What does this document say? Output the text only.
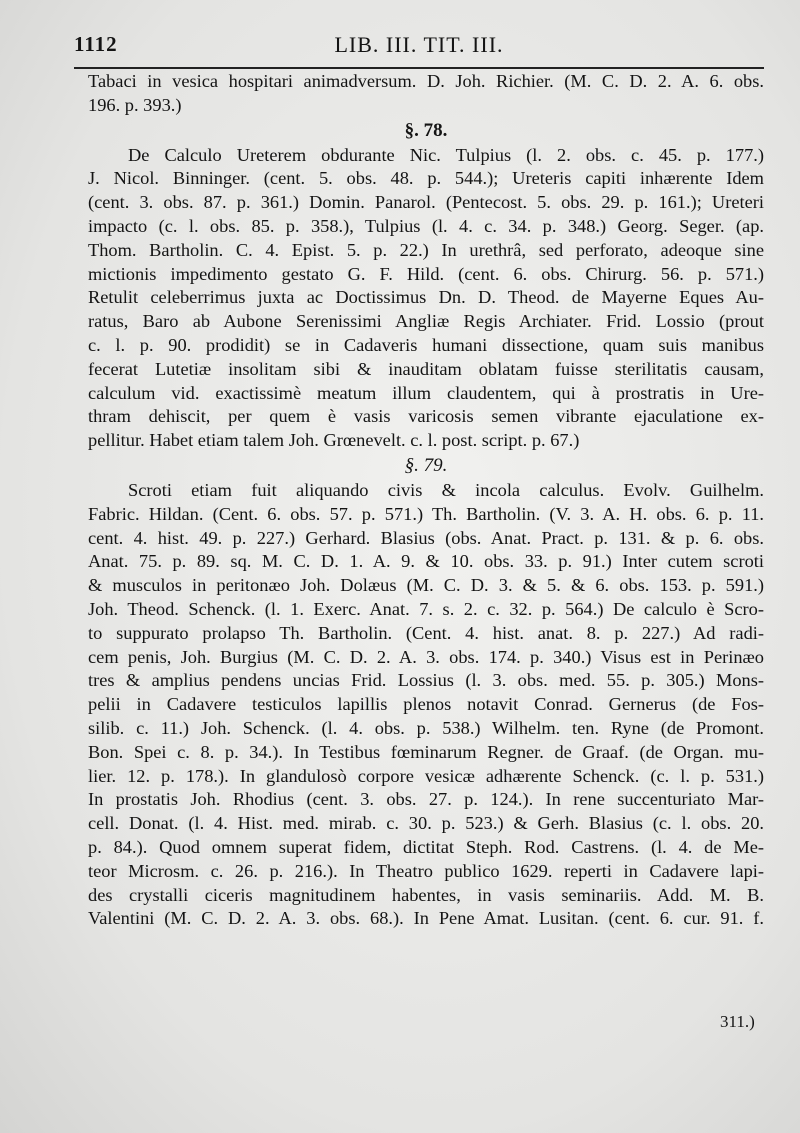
1112	LIB. III. TIT. III.
Tabaci in vesica hospitari animadversum. D. Joh. Richier. (M. C. D. 2. A. 6. obs.
196. p. 393.)
§. 78.
De Calculo Ureterem obdurante Nic. Tulpius (l. 2. obs. c. 45. p. 177.)
J. Nicol. Binninger. (cent. 5. obs. 48. p. 544.); Ureteris capiti inhærente Idem
(cent. 3. obs. 87. p. 361.) Domin. Panarol. (Pentecost. 5. obs. 29. p. 161.); Ureteri
impacto (c. l. obs. 85. p. 358.), Tulpius (l. 4. c. 34. p. 348.) Georg. Seger. (ap.
Thom. Bartholin. C. 4. Epist. 5. p. 22.) In urethrâ, sed perforato, adeoque sine
mictionis impedimento gestato G. F. Hild. (cent. 6. obs. Chirurg. 56. p. 571.)
Retulit celeberrimus juxta ac Doctissimus Dn. D. Theod. de Mayerne Eques Au-
ratus, Baro ab Aubone Serenissimi Angliæ Regis Archiater. Frid. Lossio (prout
c. l. p. 90. prodidit) se in Cadaveris humani dissectione, quam suis manibus
fecerat Lutetiæ insolitam sibi & inauditam oblatam fuisse sterilitatis causam,
calculum vid. exactissimè meatum illum claudentem, qui à prostratis in Ure-
thram dehiscit, per quem è vasis varicosis semen vibrante ejaculatione ex-
pellitur. Habet etiam talem Joh. Grœnevelt. c. l. post. script. p. 67.)
§. 79.
Scroti etiam fuit aliquando civis & incola calculus. Evolv. Guilhelm.
Fabric. Hildan. (Cent. 6. obs. 57. p. 571.) Th. Bartholin. (V. 3. A. H. obs. 6. p. 11.
cent. 4. hist. 49. p. 227.) Gerhard. Blasius (obs. Anat. Pract. p. 131. & p. 6. obs.
Anat. 75. p. 89. sq. M. C. D. 1. A. 9. & 10. obs. 33. p. 91.) Inter cutem scroti
& musculos in peritonæo Joh. Dolæus (M. C. D. 3. & 5. & 6. obs. 153. p. 591.)
Joh. Theod. Schenck. (l. 1. Exerc. Anat. 7. s. 2. c. 32. p. 564.) De calculo è Scro-
to suppurato prolapso Th. Bartholin. (Cent. 4. hist. anat. 8. p. 227.) Ad radi-
cem penis, Joh. Burgius (M. C. D. 2. A. 3. obs. 174. p. 340.) Visus est in Perinæo
tres & amplius pendens uncias Frid. Lossius (l. 3. obs. med. 55. p. 305.) Mons-
pelii in Cadavere testiculos lapillis plenos notavit Conrad. Gernerus (de Fos-
silib. c. 11.) Joh. Schenck. (l. 4. obs. p. 538.) Wilhelm. ten. Ryne (de Promont.
Bon. Spei c. 8. p. 34.). In Testibus fœminarum Regner. de Graaf. (de Organ. mu-
lier. 12. p. 178.). In glandulosò corpore vesicæ adhærente Schenck. (c. l. p. 531.)
In prostatis Joh. Rhodius (cent. 3. obs. 27. p. 124.). In rene succenturiato Mar-
cell. Donat. (l. 4. Hist. med. mirab. c. 30. p. 523.) & Gerh. Blasius (c. l. obs. 20.
p. 84.). Quod omnem superat fidem, dictitat Steph. Rod. Castrens. (l. 4. de Me-
teor Microsm. c. 26. p. 216.). In Theatro publico 1629. reperti in Cadavere lapi-
des crystalli ciceris magnitudinem habentes, in vasis seminariis. Add. M. B.
Valentini (M. C. D. 2. A. 3. obs. 68.). In Pene Amat. Lusitan. (cent. 6. cur. 91. f.
311.)
